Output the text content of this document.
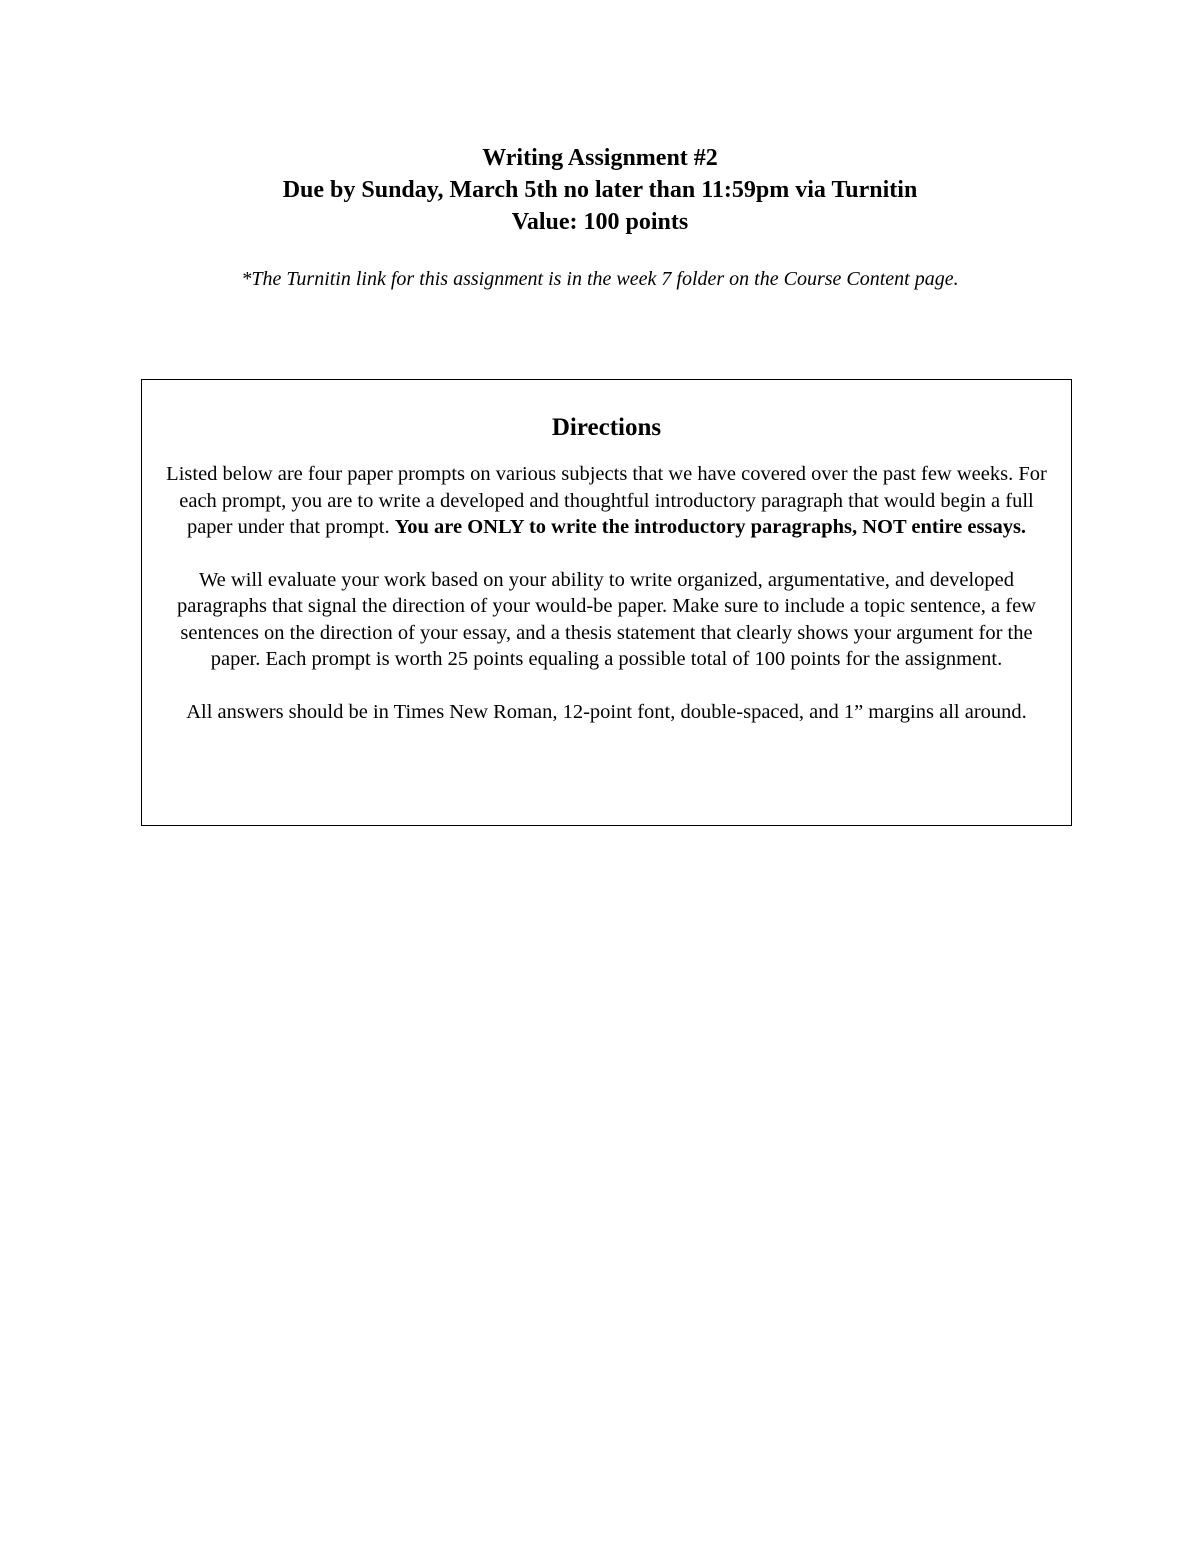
Writing Assignment #2

Due by Sunday, March 5th no later than 11:59pm via Turnitin

Value: 100 points

*The Turnitin link for this assignment is in the week 7 folder on the Course Content page.

Directions

Listed below are four paper prompts on various subjects that we have covered over the past few weeks. For each prompt, you are to write a developed and thoughtful introductory paragraph that would begin a full paper under that prompt. You are ONLY to write the introductory paragraphs, NOT entire essays.

We will evaluate your work based on your ability to write organized, argumentative, and developed paragraphs that signal the direction of your would-be paper. Make sure to include a topic sentence, a few sentences on the direction of your essay, and a thesis statement that clearly shows your argument for the paper. Each prompt is worth 25 points equaling a possible total of 100 points for the assignment.

All answers should be in Times New Roman, 12-point font, double-spaced, and 1” margins all around.
